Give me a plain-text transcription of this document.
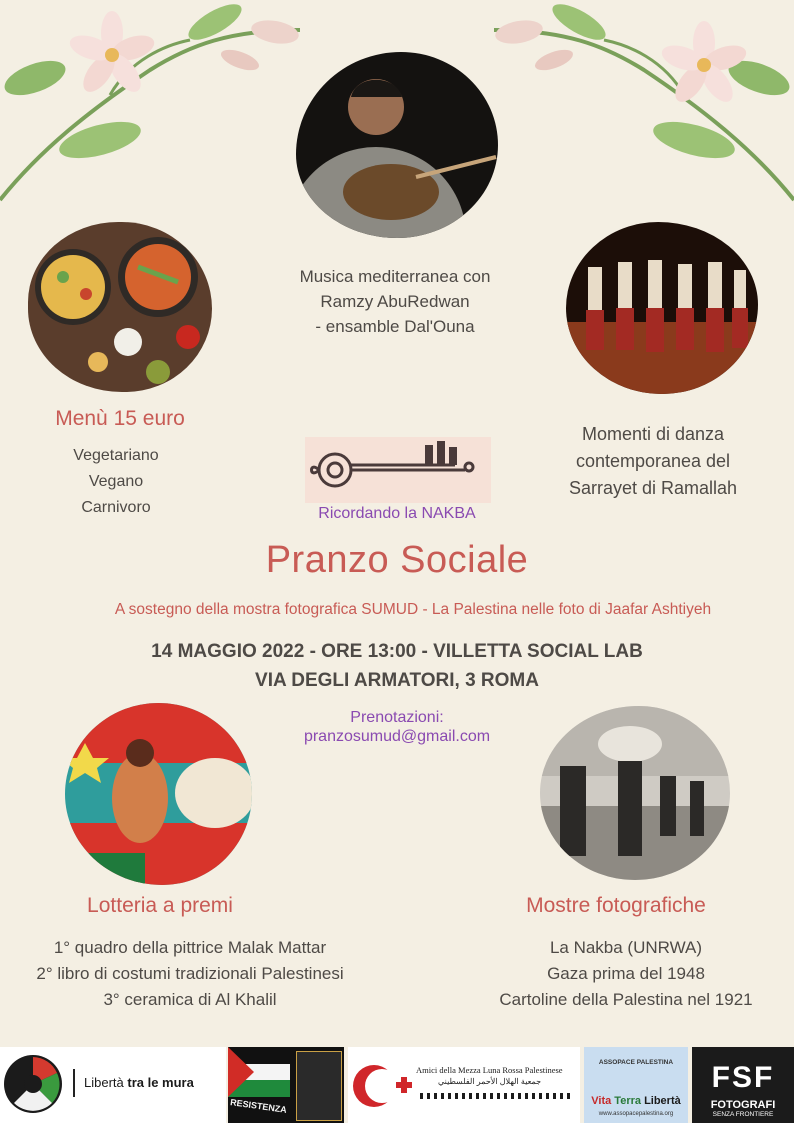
Musica mediterranea con
Ramzy AbuRedwan
- ensamble Dal'Ouna
Menù 15 euro
Vegetariano
Vegano
Carnivoro	Ricordando la NAKBA
Momenti di danza
contemporanea del
Sarrayet di Ramallah
Pranzo Sociale
A sostegno della mostra fotografica SUMUD - La Palestina nelle foto di Jaafar Ashtiyeh
14 MAGGIO 2022 - ORE 13:00 - VILLETTA SOCIAL LAB
VIA DEGLI ARMATORI, 3 ROMA
Prenotazioni:
pranzosumud@gmail.com
Lotteria a premi
1° quadro della pittrice Malak Mattar
2° libro di costumi tradizionali Palestinesi
3° ceramica di Al Khalil
Mostre fotografiche
La Nakba (UNRWA)
Gaza prima del 1948
Cartoline della Palestina nel 1921
Libertà tra le mura
RESISTENZA
Amici della Mezza Luna Rossa Palestinese
جمعية الهلال الأحمر الفلسطيني
ASSOPACE PALESTINA
Vita Terra Libertà
www.assopacepalestina.org
FSF
FOTOGRAFI
SENZA FRONTIERE
